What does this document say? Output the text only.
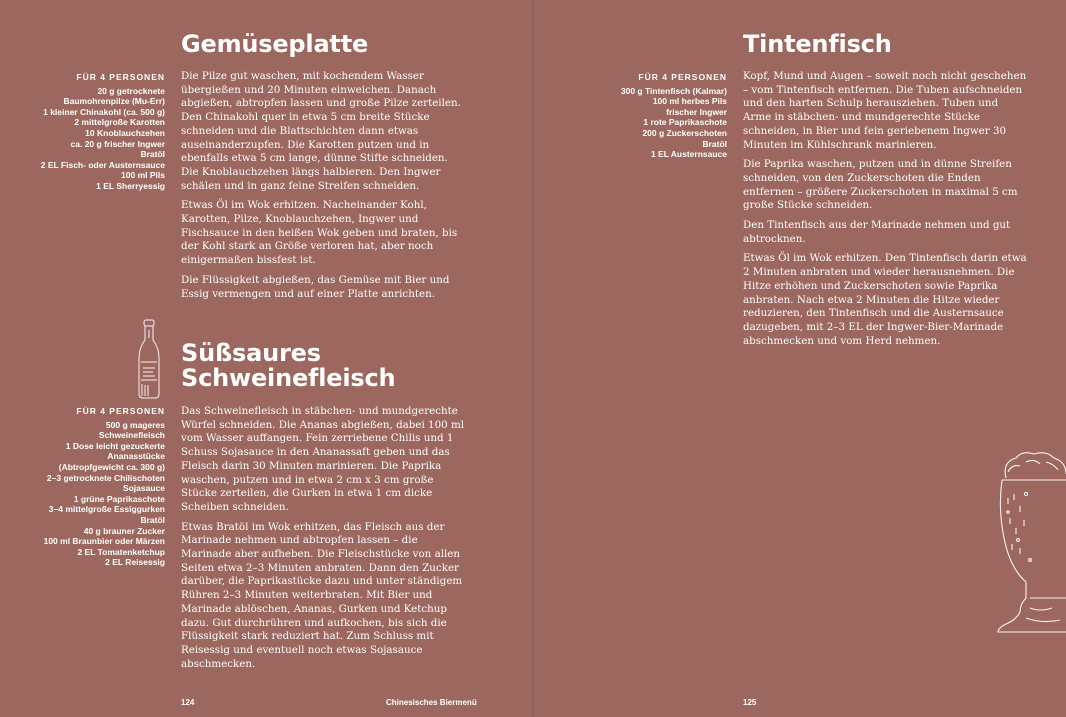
Gemüseplatte
FÜR 4 PERSONEN
20 g getrocknete
Baumohrenpilze (Mu-Err)
1 kleiner Chinakohl (ca. 500 g)
2 mittelgroße Karotten
10 Knoblauchzehen
ca. 20 g frischer Ingwer
Bratöl
2 EL Fisch- oder Austernsauce
100 ml Pils
1 EL Sherryessig

Die Pilze gut waschen, mit kochendem Wasser übergießen und 20 Minuten einweichen. Danach abgießen, abtropfen lassen und große Pilze zerteilen. Den Chinakohl quer in etwa 5 cm breite Stücke schneiden und die Blattschichten dann etwas auseinanderzupfen. Die Karotten putzen und in ebenfalls etwa 5 cm lange, dünne Stifte schneiden. Die Knoblauchzehen längs halbieren. Den Ingwer schälen und in ganz feine Streifen schneiden.

Etwas Öl im Wok erhitzen. Nacheinander Kohl, Karotten, Pilze, Knoblauchzehen, Ingwer und Fischsauce in den heißen Wok geben und braten, bis der Kohl stark an Größe verloren hat, aber noch einigermaßen bissfest ist.

Die Flüssigkeit abgießen, das Gemüse mit Bier und Essig vermengen und auf einer Platte anrichten.

Süßsaures
Schweinefleisch
FÜR 4 PERSONEN
500 g mageres
Schweinefleisch
1 Dose leicht gezuckerte
Ananasstücke
(Abtropfgewicht ca. 300 g)
2–3 getrocknete Chilischoten
Sojasauce
1 grüne Paprikaschote
3–4 mittelgroße Essiggurken
Bratöl
40 g brauner Zucker
100 ml Braunbier oder Märzen
2 EL Tomatenketchup
2 EL Reisessig

Das Schweinefleisch in stäbchen- und mundgerechte Würfel schneiden. Die Ananas abgießen, dabei 100 ml vom Wasser auffangen. Fein zerriebene Chilis und 1 Schuss Sojasauce in den Ananassaft geben und das Fleisch darin 30 Minuten marinieren. Die Paprika waschen, putzen und in etwa 2 cm x 3 cm große Stücke zerteilen, die Gurken in etwa 1 cm dicke Scheiben schneiden.

Etwas Bratöl im Wok erhitzen, das Fleisch aus der Marinade nehmen und abtropfen lassen – die Marinade aber aufheben. Die Fleischstücke von allen Seiten etwa 2–3 Minuten anbraten. Dann den Zucker darüber, die Paprikastücke dazu und unter ständigem Rühren 2–3 Minuten weiterbraten. Mit Bier und Marinade ablöschen, Ananas, Gurken und Ketchup dazu. Gut durchrühren und aufkochen, bis sich die Flüssigkeit stark reduziert hat. Zum Schluss mit Reisessig und eventuell noch etwas Sojasauce abschmecken.

124	Chinesisches Biermenü
Tintenfisch
FÜR 4 PERSONEN
300 g Tintenfisch (Kalmar)
100 ml herbes Pils
frischer Ingwer
1 rote Paprikaschote
200 g Zuckerschoten
Bratöl
1 EL Austernsauce

Kopf, Mund und Augen – soweit noch nicht geschehen – vom Tintenfisch entfernen. Die Tuben aufschneiden und den harten Schulp herausziehen. Tuben und Arme in stäbchen- und mundgerechte Stücke schneiden, in Bier und fein geriebenem Ingwer 30 Minuten im Kühlschrank marinieren.

Die Paprika waschen, putzen und in dünne Streifen schneiden, von den Zuckerschoten die Enden entfernen – größere Zuckerschoten in maximal 5 cm große Stücke schneiden.

Den Tintenfisch aus der Marinade nehmen und gut abtrocknen.

Etwas Öl im Wok erhitzen. Den Tintenfisch darin etwa 2 Minuten anbraten und wieder herausnehmen. Die Hitze erhöhen und Zuckerschoten sowie Paprika anbraten. Nach etwa 2 Minuten die Hitze wieder reduzieren, den Tintenfisch und die Austernsauce dazugeben, mit 2–3 EL der Ingwer-Bier-Marinade abschmecken und vom Herd nehmen.

125
